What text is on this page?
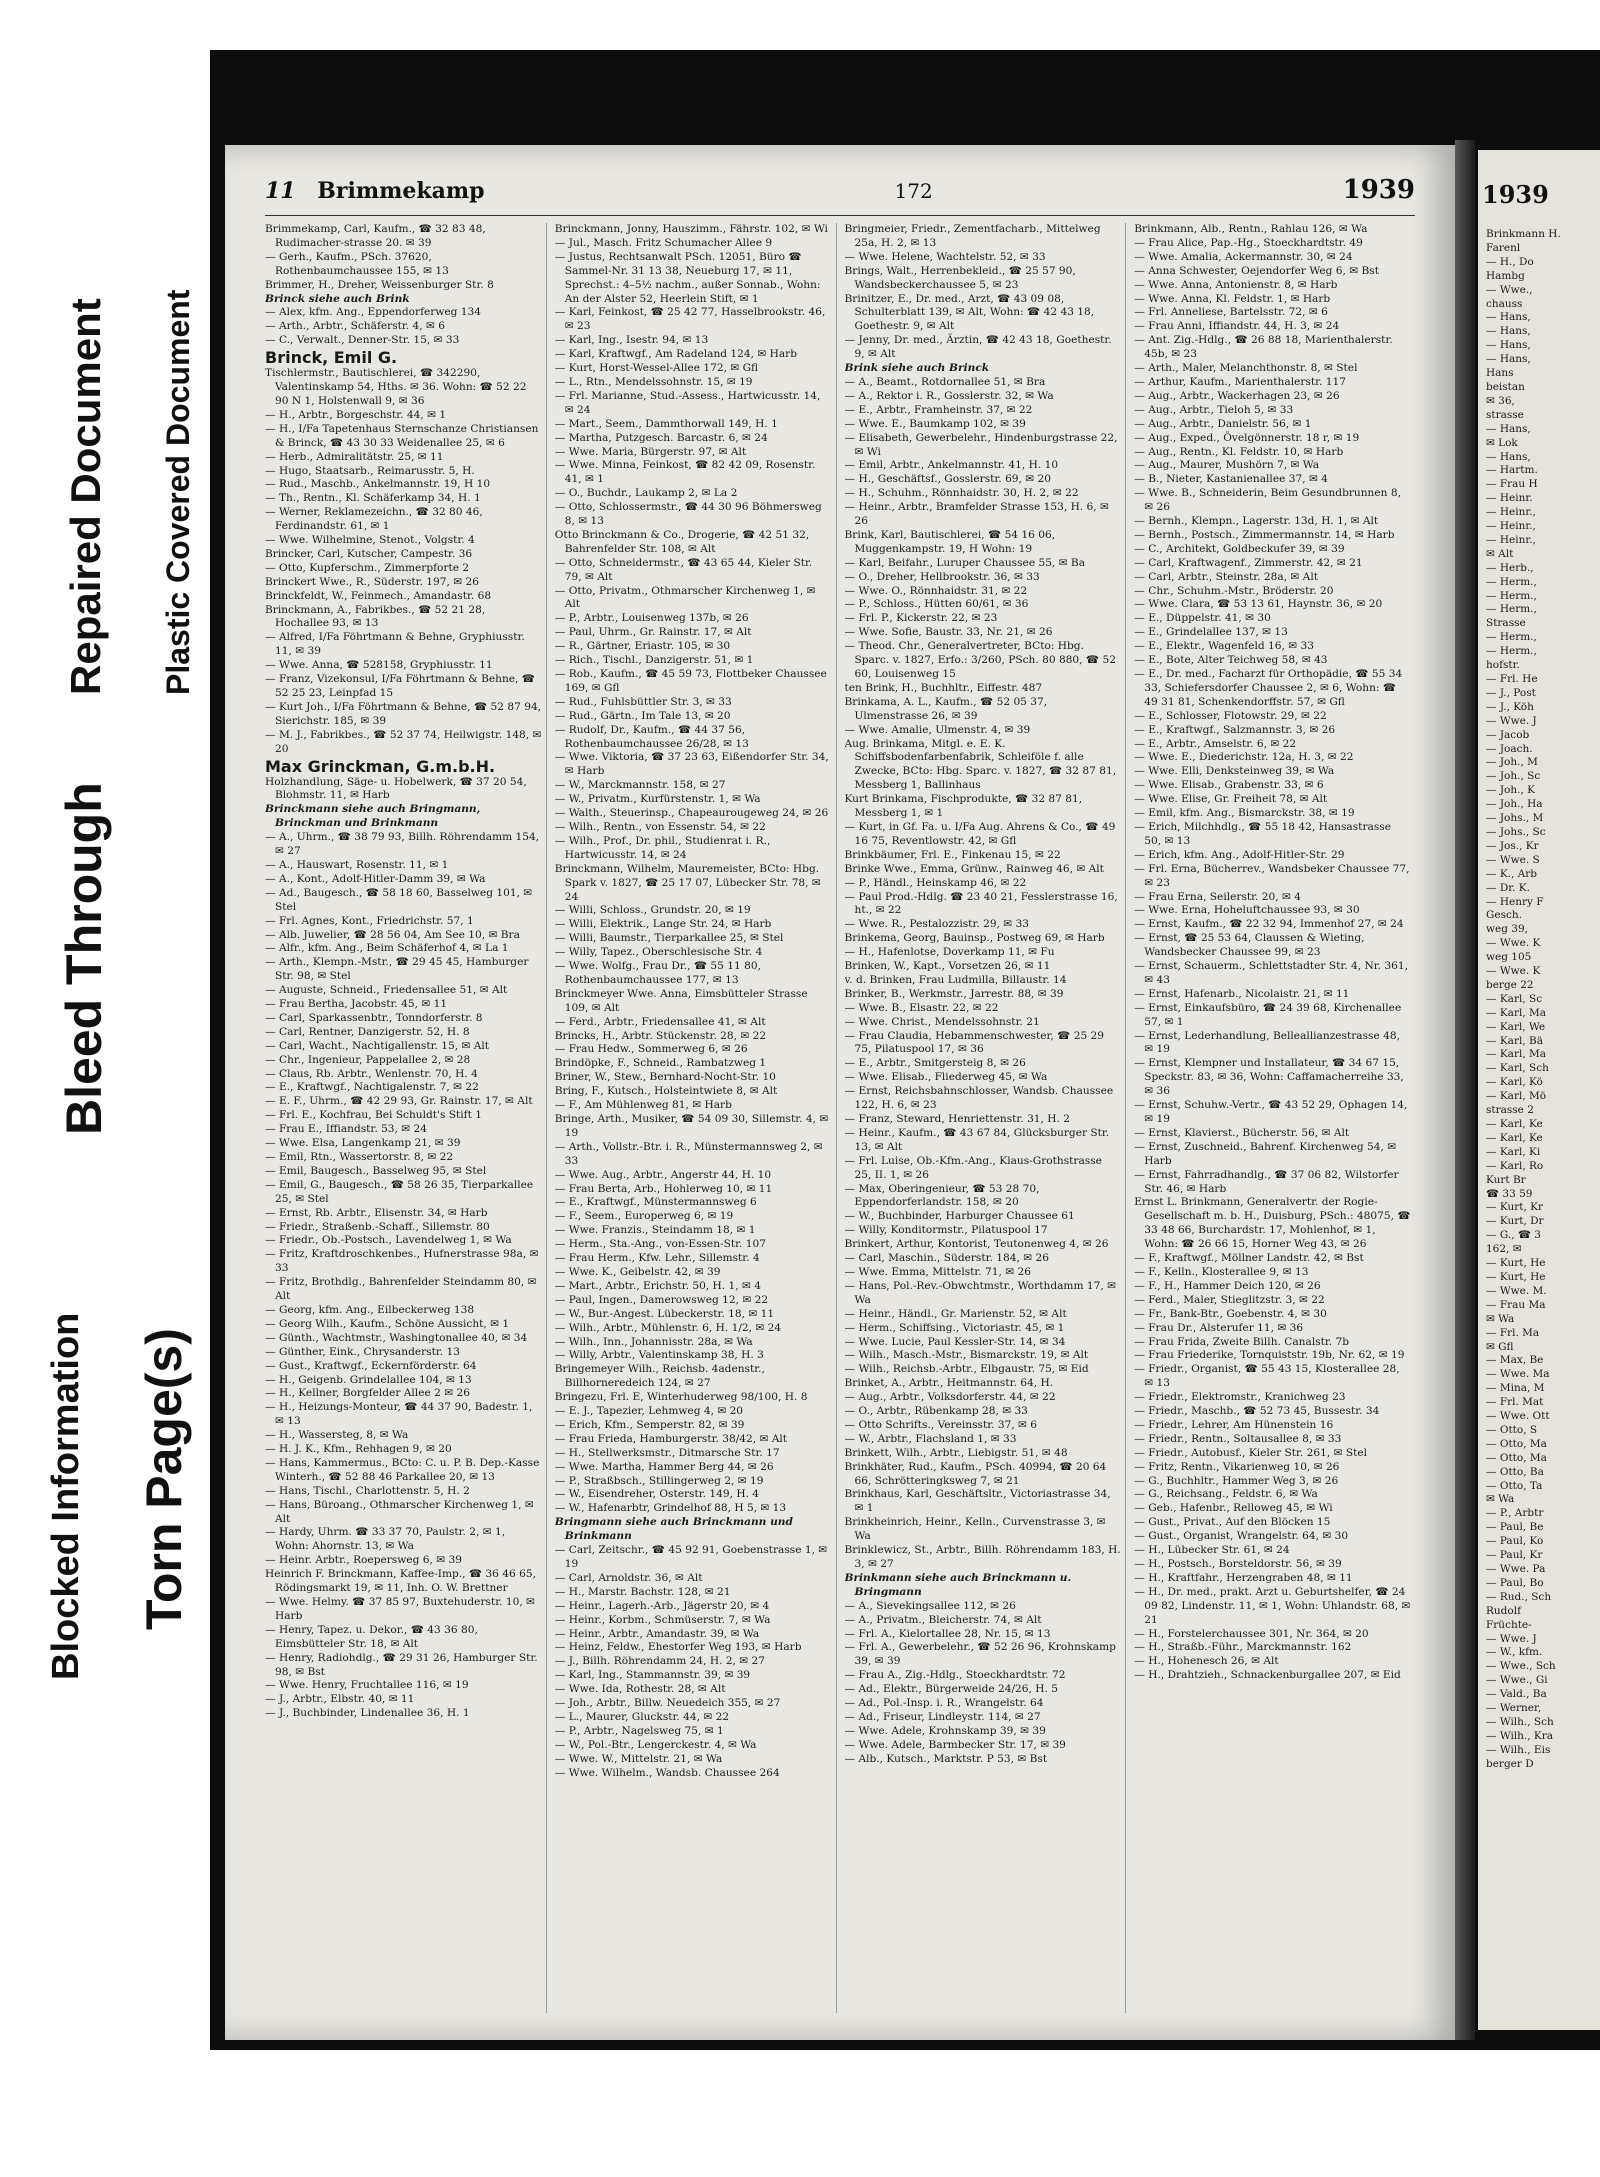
Blocked Information Torn Page(s)
Bleed Through
Repaired Document Plastic Covered Document
11 Brimmekamp	172	1939

Brimmekamp, Carl, Kaufm., ☎ 32 83 48, Rudimacher-strasse 20. ✉ 39

— Gerh., Kaufm., PSch. 37620, Rothenbaumchaussee 155, ✉ 13

Brimmer, H., Dreher, Weissenburger Str. 8

Brinck siehe auch Brink

— Alex, kfm. Ang., Eppendorferweg 134

— Arth., Arbtr., Schäferstr. 4, ✉ 6

— C., Verwalt., Denner-Str. 15, ✉ 33

Brinck, Emil G.

Tischlermstr., Bautischlerei, ☎ 342290, Valentinskamp 54, Hths. ✉ 36. Wohn: ☎ 52 22 90 N 1, Holstenwall 9, ✉ 36

— H., Arbtr., Borgeschstr. 44, ✉ 1

— H., I/Fa Tapetenhaus Sternschanze Christiansen & Brinck, ☎ 43 30 33 Weidenallee 25, ✉ 6

— Herb., Admiralitätstr. 25, ✉ 11

— Hugo, Staatsarb., Reimarusstr. 5, H.

— Rud., Maschb., Ankelmannstr. 19, H 10

— Th., Rentn., Kl. Schäferkamp 34, H. 1

— Werner, Reklamezeichn., ☎ 32 80 46, Ferdinandstr. 61, ✉ 1

— Wwe. Wilhelmine, Stenot., Volgstr. 4

Brincker, Carl, Kutscher, Campestr. 36

— Otto, Kupferschm., Zimmerpforte 2

Brinckert Wwe., R., Süderstr. 197, ✉ 26

Brinckfeldt, W., Feinmech., Amandastr. 68

Brinckmann, A., Fabrikbes., ☎ 52 21 28, Hochallee 93, ✉ 13

— Alfred, I/Fa Föhrtmann & Behne, Gryphiusstr. 11, ✉ 39

— Wwe. Anna, ☎ 528158, Gryphiusstr. 11

— Franz, Vizekonsul, I/Fa Föhrtmann & Behne, ☎ 52 25 23, Leinpfad 15

— Kurt Joh., I/Fa Föhrtmann & Behne, ☎ 52 87 94, Sierichstr. 185, ✉ 39

— M. J., Fabrikbes., ☎ 52 37 74, Heilwigstr. 148, ✉ 20

Max Grinckman, G.m.b.H.

Holzhandlung, Säge- u. Hobelwerk, ☎ 37 20 54, Blohmstr. 11, ✉ Harb

Brinckmann siehe auch Bringmann, Brinckman und Brinkmann

— A., Uhrm., ☎ 38 79 93, Billh. Röhrendamm 154, ✉ 27

— A., Hauswart, Rosenstr. 11, ✉ 1

— A., Kont., Adolf-Hitler-Damm 39, ✉ Wa

— Ad., Baugesch., ☎ 58 18 60, Basselweg 101, ✉ Stel

— Frl. Agnes, Kont., Friedrichstr. 57, 1

— Alb. Juwelier, ☎ 28 56 04, Am See 10, ✉ Bra

— Alfr., kfm. Ang., Beim Schäferhof 4, ✉ La 1

— Arth., Klempn.-Mstr., ☎ 29 45 45, Hamburger Str. 98, ✉ Stel

— Auguste, Schneid., Friedensallee 51, ✉ Alt

— Frau Bertha, Jacobstr. 45, ✉ 11

— Carl, Sparkassenbtr., Tonndorferstr. 8

— Carl, Rentner, Danzigerstr. 52, H. 8

— Carl, Wacht., Nachtigallenstr. 15, ✉ Alt

— Chr., Ingenieur, Pappelallee 2, ✉ 28

— Claus, Rb. Arbtr., Wenlenstr. 70, H. 4

— E., Kraftwgf., Nachtigalenstr. 7, ✉ 22

— E. F., Uhrm., ☎ 42 29 93, Gr. Rainstr. 17, ✉ Alt

— Frl. E., Kochfrau, Bei Schuldt's Stift 1

— Frau E., Iffiandstr. 53, ✉ 24

— Wwe. Elsa, Langenkamp 21, ✉ 39

— Emil, Rtn., Wassertorstr. 8, ✉ 22

— Emil, Baugesch., Basselweg 95, ✉ Stel

— Emil, G., Baugesch., ☎ 58 26 35, Tierparkallee 25, ✉ Stel

— Ernst, Rb. Arbtr., Elisenstr. 34, ✉ Harb

— Friedr., Straßenb.-Schaff., Sillemstr. 80

— Friedr., Ob.-Postsch., Lavendelweg 1, ✉ Wa

— Fritz, Kraftdroschkenbes., Hufnerstrasse 98a, ✉ 33

— Fritz, Brothdlg., Bahrenfelder Steindamm 80, ✉ Alt

— Georg, kfm. Ang., Eilbeckerweg 138

— Georg Wilh., Kaufm., Schöne Aussicht, ✉ 1

— Günth., Wachtmstr., Washingtonallee 40, ✉ 34

— Günther, Eink., Chrysanderstr. 13

— Gust., Kraftwgf., Eckernförderstr. 64

— H., Geigenb. Grindelallee 104, ✉ 13

— H., Kellner, Borgfelder Allee 2 ✉ 26

— H., Heizungs-Monteur, ☎ 44 37 90, Badestr. 1, ✉ 13

— H., Wassersteg, 8, ✉ Wa

— H. J. K., Kfm., Rehhagen 9, ✉ 20

— Hans, Kammermus., BCto: C. u. P. B. Dep.-Kasse Winterh., ☎ 52 88 46 Parkallee 20, ✉ 13

— Hans, Tischl., Charlottenstr. 5, H. 2

— Hans, Büroang., Othmarscher Kirchenweg 1, ✉ Alt

— Hardy, Uhrm. ☎ 33 37 70, Paulstr. 2, ✉ 1, Wohn: Ahornstr. 13, ✉ Wa

— Heinr. Arbtr., Roepersweg 6, ✉ 39

Heinrich F. Brinckmann, Kaffee-Imp., ☎ 36 46 65, Rödingsmarkt 19, ✉ 11, Inh. O. W. Brettner

— Wwe. Helmy. ☎ 37 85 97, Buxtehuderstr. 10, ✉ Harb

— Henry, Tapez. u. Dekor., ☎ 43 36 80, Eimsbütteler Str. 18, ✉ Alt

— Henry, Radiohdlg., ☎ 29 31 26, Hamburger Str. 98, ✉ Bst

— Wwe. Henry, Fruchtallee 116, ✉ 19

— J., Arbtr., Elbstr. 40, ✉ 11

— J., Buchbinder, Lindenallee 36, H. 1

Brinckmann, Jonny, Hauszimm., Fährstr. 102, ✉ Wi

— Jul., Masch. Fritz Schumacher Allee 9

— Justus, Rechtsanwalt PSch. 12051, Büro ☎ Sammel-Nr. 31 13 38, Neueburg 17, ✉ 11, Sprechst.: 4–5½ nachm., außer Sonnab., Wohn: An der Alster 52, Heerlein Stift, ✉ 1

— Karl, Feinkost, ☎ 25 42 77, Hasselbrookstr. 46, ✉ 23

— Karl, Ing., Isestr. 94, ✉ 13

— Karl, Kraftwgf., Am Radeland 124, ✉ Harb

— Kurt, Horst-Wessel-Allee 172, ✉ Gfl

— L., Rtn., Mendelssohnstr. 15, ✉ 19

— Frl. Marianne, Stud.-Assess., Hartwicusstr. 14, ✉ 24

— Mart., Seem., Dammthorwall 149, H. 1

— Martha, Putzgesch. Barcastr. 6, ✉ 24

— Wwe. Maria, Bürgerstr. 97, ✉ Alt

— Wwe. Minna, Feinkost, ☎ 82 42 09, Rosenstr. 41, ✉ 1

— O., Buchdr., Laukamp 2, ✉ La 2

— Otto, Schlossermstr., ☎ 44 30 96 Böhmersweg 8, ✉ 13

Otto Brinckmann & Co., Drogerie, ☎ 42 51 32, Bahrenfelder Str. 108, ✉ Alt

— Otto, Schneidermstr., ☎ 43 65 44, Kieler Str. 79, ✉ Alt

— Otto, Privatm., Othmarscher Kirchenweg 1, ✉ Alt

— P., Arbtr., Louisenweg 137b, ✉ 26

— Paul, Uhrm., Gr. Rainstr. 17, ✉ Alt

— R., Gärtner, Eriastr. 105, ✉ 30

— Rich., Tischl., Danzigerstr. 51, ✉ 1

— Rob., Kaufm., ☎ 45 59 73, Flottbeker Chaussee 169, ✉ Gfl

— Rud., Fuhlsbüttler Str. 3, ✉ 33

— Rud., Gärtn., Im Tale 13, ✉ 20

— Rudolf, Dr., Kaufm., ☎ 44 37 56, Rothenbaumchaussee 26/28, ✉ 13

— Wwe. Viktoria, ☎ 37 23 63, Eißendorfer Str. 34, ✉ Harb

— W., Marckmannstr. 158, ✉ 27

— W., Privatm., Kurfürstenstr. 1, ✉ Wa

— Walth., Steuerinsp., Chapeaurougeweg 24, ✉ 26

— Wilh., Rentn., von Essenstr. 54, ✉ 22

— Wilh., Prof., Dr. phil., Studienrat i. R., Hartwicusstr. 14, ✉ 24

Brinckmann, Wilhelm, Mauremeister, BCto: Hbg. Spark v. 1827, ☎ 25 17 07, Lübecker Str. 78, ✉ 24

— Willi, Schloss., Grundstr. 20, ✉ 19

— Willi, Elektrik., Lange Str. 24, ✉ Harb

— Willi, Baumstr., Tierparkallee 25, ✉ Stel

— Willy, Tapez., Oberschlesische Str. 4

— Wwe. Wolfg., Frau Dr., ☎ 55 11 80, Rothenbaumchaussee 177, ✉ 13

Brinckmeyer Wwe. Anna, Eimsbütteler Strasse 109, ✉ Alt

— Ferd., Arbtr., Friedensallee 41, ✉ Alt

Brincks, H., Arbtr. Stückenstr. 28, ✉ 22

— Frau Hedw., Sommerweg 6, ✉ 26

Brindöpke, F., Schneid., Rambatzweg 1

Briner, W., Stew., Bernhard-Nocht-Str. 10

Bring, F., Kutsch., Holsteintwiete 8, ✉ Alt

— F., Am Mühlenweg 81, ✉ Harb

Bringe, Arth., Musiker, ☎ 54 09 30, Sillemstr. 4, ✉ 19

— Arth., Vollstr.-Btr. i. R., Münstermannsweg 2, ✉ 33

— Wwe. Aug., Arbtr., Angerstr 44, H. 10

— Frau Berta, Arb., Hohlerweg 10, ✉ 11

— E., Kraftwgf., Münstermannsweg 6

— F., Seem., Europerweg 6, ✉ 19

— Wwe. Franzis., Steindamm 18, ✉ 1

— Herm., Sta.-Ang., von-Essen-Str. 107

— Frau Herm., Kfw. Lehr., Sillemstr. 4

— Wwe. K., Geibelstr. 42, ✉ 39

— Mart., Arbtr., Erichstr. 50, H. 1, ✉ 4

— Paul, Ingen., Damerowsweg 12, ✉ 22

— W., Bur.-Angest. Lübeckerstr. 18, ✉ 11

— Wilh., Arbtr., Mühlenstr. 6, H. 1/2, ✉ 24

— Wilh., Inn., Johannisstr. 28a, ✉ Wa

— Willy, Arbtr., Valentinskamp 38, H. 3

Bringemeyer Wilh., Reichsb. 4adenstr., Billhorneredeich 124, ✉ 27

Bringezu, Frl. E, Winterhuderweg 98/100, H. 8

— E. J., Tapezier, Lehmweg 4, ✉ 20

— Erich, Kfm., Semperstr. 82, ✉ 39

— Frau Frieda, Hamburgerstr. 38/42, ✉ Alt

— H., Stellwerksmstr., Ditmarsche Str. 17

— Wwe. Martha, Hammer Berg 44, ✉ 26

— P., Straßbsch., Stillingerweg 2, ✉ 19

— W., Eisendreher, Osterstr. 149, H. 4

— W., Hafenarbtr, Grindelhof 88, H 5, ✉ 13

Bringmann siehe auch Brinckmann und Brinkmann

— Carl, Zeitschr., ☎ 45 92 91, Goebenstrasse 1, ✉ 19

— Carl, Arnoldstr. 36, ✉ Alt

— H., Marstr. Bachstr. 128, ✉ 21

— Heinr., Lagerh.-Arb., Jägerstr 20, ✉ 4

— Heinr., Korbm., Schmüserstr. 7, ✉ Wa

— Heinr., Arbtr., Amandastr. 39, ✉ Wa

— Heinz, Feldw., Ehestorfer Weg 193, ✉ Harb

— J., Billh. Röhrendamm 24, H. 2, ✉ 27

— Karl, Ing., Stammannstr. 39, ✉ 39

— Wwe. Ida, Rothestr. 28, ✉ Alt

— Joh., Arbtr., Billw. Neuedeich 355, ✉ 27

— L., Maurer, Gluckstr. 44, ✉ 22

— P., Arbtr., Nagelsweg 75, ✉ 1

— W., Pol.-Btr., Lengerckestr. 4, ✉ Wa

— Wwe. W., Mittelstr. 21, ✉ Wa

— Wwe. Wilhelm., Wandsb. Chaussee 264

Bringmeier, Friedr., Zementfacharb., Mittelweg 25a, H. 2, ✉ 13

— Wwe. Helene, Wachtelstr. 52, ✉ 33

Brings, Walt., Herrenbekleid., ☎ 25 57 90, Wandsbeckerchaussee 5, ✉ 23

Brinitzer, E., Dr. med., Arzt, ☎ 43 09 08, Schulterblatt 139, ✉ Alt, Wohn: ☎ 42 43 18, Goethestr. 9, ✉ Alt

— Jenny, Dr. med., Ärztin, ☎ 42 43 18, Goethestr. 9, ✉ Alt

Brink siehe auch Brinck

— A., Beamt., Rotdornallee 51, ✉ Bra

— A., Rektor i. R., Gosslerstr. 32, ✉ Wa

— E., Arbtr., Framheinstr. 37, ✉ 22

— Wwe. E., Baumkamp 102, ✉ 39

— Elisabeth, Gewerbelehr., Hindenburgstrasse 22, ✉ Wi

— Emil, Arbtr., Ankelmannstr. 41, H. 10

— H., Geschäftsf., Gosslerstr. 69, ✉ 20

— H., Schuhm., Rönnhaidstr. 30, H. 2, ✉ 22

— Heinr., Arbtr., Bramfelder Strasse 153, H. 6, ✉ 26

Brink, Karl, Bautischlerei, ☎ 54 16 06, Muggenkampstr. 19, H Wohn: 19

— Karl, Beifahr., Luruper Chaussee 55, ✉ Ba

— O., Dreher, Hellbrookstr. 36, ✉ 33

— Wwe. O., Rönnhaidstr. 31, ✉ 22

— P., Schloss., Hütten 60/61, ✉ 36

— Frl. P., Kickerstr. 22, ✉ 23

— Wwe. Sofie, Baustr. 33, Nr. 21, ✉ 26

— Theod. Chr., Generalvertreter, BCto: Hbg. Sparc. v. 1827, Erfo.: 3/260, PSch. 80 880, ☎ 52 60, Louisenweg 15

ten Brink, H., Buchhltr., Eiffestr. 487

Brinkama, A. L., Kaufm., ☎ 52 05 37, Ulmenstrasse 26, ✉ 39

— Wwe. Amalie, Ulmenstr. 4, ✉ 39

Aug. Brinkama, Mitgl. e. E. K. Schiffsbodenfarbenfabrik, Schleiföle f. alle Zwecke, BCto: Hbg. Sparc. v. 1827, ☎ 32 87 81, Messberg 1, Ballinhaus

Kurt Brinkama, Fischprodukte, ☎ 32 87 81, Messberg 1, ✉ 1

— Kurt, in Gf. Fa. u. I/Fa Aug. Ahrens & Co., ☎ 49 16 75, Reventlowstr. 42, ✉ Gfl

Brinkbäumer, Frl. E., Finkenau 15, ✉ 22

Brinke Wwe., Emma, Grünw., Rainweg 46, ✉ Alt

— P., Händl., Heinskamp 46, ✉ 22

— Paul Prod.-Hdlg. ☎ 23 40 21, Fesslerstrasse 16, ht., ✉ 22

— Wwe. R., Pestalozzistr. 29, ✉ 33

Brinkema, Georg, Bauinsp., Postweg 69, ✉ Harb

— H., Hafenlotse, Doverkamp 11, ✉ Fu

Brinken, W., Kapt., Vorsetzen 26, ✉ 11

v. d. Brinken, Frau Ludmilla, Billaustr. 14

Brinker, B., Werkmstr., Jarrestr. 88, ✉ 39

— Wwe. B., Elsastr. 22, ✉ 22

— Wwe. Christ., Mendelssohnstr. 21

— Frau Claudia, Hebammenschwester, ☎ 25 29 75, Pilatuspool 17, ✉ 36

— E., Arbtr., Smitgersteig 8, ✉ 26

— Wwe. Elisab., Fliederweg 45, ✉ Wa

— Ernst, Reichsbahnschlosser, Wandsb. Chaussee 122, H. 6, ✉ 23

— Franz, Steward, Henriettenstr. 31, H. 2

— Heinr., Kaufm., ☎ 43 67 84, Glücksburger Str. 13, ✉ Alt

— Frl. Luise, Ob.-Kfm.-Ang., Klaus-Grothstrasse 25, II. 1, ✉ 26

— Max, Oberingenieur, ☎ 53 28 70, Eppendorferlandstr. 158, ✉ 20

— W., Buchbinder, Harburger Chaussee 61

— Willy, Konditormstr., Pilatuspool 17

Brinkert, Arthur, Kontorist, Teutonenweg 4, ✉ 26

— Carl, Maschin., Süderstr. 184, ✉ 26

— Wwe. Emma, Mittelstr. 71, ✉ 26

— Hans, Pol.-Rev.-Obwchtmstr., Worthdamm 17, ✉ Wa

— Heinr., Händl., Gr. Marienstr. 52, ✉ Alt

— Herm., Schiffsing., Victoriastr. 45, ✉ 1

— Wwe. Lucie, Paul Kessler-Str. 14, ✉ 34

— Wilh., Masch.-Mstr., Bismarckstr. 19, ✉ Alt

— Wilh., Reichsb.-Arbtr., Elbgaustr. 75, ✉ Eid

Brinket, A., Arbtr., Heitmannstr. 64, H.

— Aug., Arbtr., Volksdorferstr. 44, ✉ 22

— O., Arbtr., Rübenkamp 28, ✉ 33

— Otto Schrifts., Vereinsstr. 37, ✉ 6

— W., Arbtr., Flachsland 1, ✉ 33

Brinkett, Wilh., Arbtr., Liebigstr. 51, ✉ 48

Brinkhäter, Rud., Kaufm., PSch. 40994, ☎ 20 64 66, Schrötteringksweg 7, ✉ 21

Brinkhaus, Karl, Geschäftsltr., Victoriastrasse 34, ✉ 1

Brinkheinrich, Heinr., Kelln., Curvenstrasse 3, ✉ Wa

Brinklewicz, St., Arbtr., Billh. Röhrendamm 183, H. 3, ✉ 27

Brinkmann siehe auch Brinckmann u. Bringmann

— A., Sievekingsallee 112, ✉ 26

— A., Privatm., Bleicherstr. 74, ✉ Alt

— Frl. A., Kielortallee 28, Nr. 15, ✉ 13

— Frl. A., Gewerbelehr., ☎ 52 26 96, Krohnskamp 39, ✉ 39

— Frau A., Zig.-Hdlg., Stoeckhardtstr. 72

— Ad., Elektr., Bürgerweide 24/26, H. 5

— Ad., Pol.-Insp. i. R., Wrangelstr. 64

— Ad., Friseur, Lindleystr. 114, ✉ 27

— Wwe. Adele, Krohnskamp 39, ✉ 39

— Wwe. Adele, Barmbecker Str. 17, ✉ 39

— Alb., Kutsch., Marktstr. P 53, ✉ Bst

Brinkmann, Alb., Rentn., Rahlau 126, ✉ Wa

— Frau Alice, Pap.-Hg., Stoeckhardtstr. 49

— Wwe. Amalia, Ackermannstr. 30, ✉ 24

— Anna Schwester, Oejendorfer Weg 6, ✉ Bst

— Wwe. Anna, Antonienstr. 8, ✉ Harb

— Wwe. Anna, Kl. Feldstr. 1, ✉ Harb

— Frl. Anneliese, Bartelsstr. 72, ✉ 6

— Frau Anni, Iffiandstr. 44, H. 3, ✉ 24

— Ant. Zig.-Hdlg., ☎ 26 88 18, Marienthalerstr. 45b, ✉ 23

— Arth., Maler, Melanchthonstr. 8, ✉ Stel

— Arthur, Kaufm., Marienthalerstr. 117

— Aug., Arbtr., Wackerhagen 23, ✉ 26

— Aug., Arbtr., Tieloh 5, ✉ 33

— Aug., Arbtr., Danielstr. 56, ✉ 1

— Aug., Exped., Övelgönnerstr. 18 r, ✉ 19

— Aug., Rentn., Kl. Feldstr. 10, ✉ Harb

— Aug., Maurer, Mushörn 7, ✉ Wa

— B., Nieter, Kastanienallee 37, ✉ 4

— Wwe. B., Schneiderin, Beim Gesundbrunnen 8, ✉ 26

— Bernh., Klempn., Lagerstr. 13d, H. 1, ✉ Alt

— Bernh., Postsch., Zimmermannstr. 14, ✉ Harb

— C., Architekt, Goldbeckufer 39, ✉ 39

— Carl, Kraftwagenf., Zimmerstr. 42, ✉ 21

— Carl, Arbtr., Steinstr. 28a, ✉ Alt

— Chr., Schuhm.-Mstr., Bröderstr. 20

— Wwe. Clara, ☎ 53 13 61, Haynstr. 36, ✉ 20

— E., Düppelstr. 41, ✉ 30

— E., Grindelallee 137, ✉ 13

— E., Elektr., Wagenfeld 16, ✉ 33

— E., Bote, Alter Teichweg 58, ✉ 43

— E., Dr. med., Facharzt für Orthopädie, ☎ 55 34 33, Schiefersdorfer Chaussee 2, ✉ 6, Wohn: ☎ 49 31 81, Schenkendorffstr. 57, ✉ Gfl

— E., Schlosser, Flotowstr. 29, ✉ 22

— E., Kraftwgf., Salzmannstr. 3, ✉ 26

— E., Arbtr., Amselstr. 6, ✉ 22

— Wwe. E., Diederichstr. 12a, H. 3, ✉ 22

— Wwe. Elli, Denksteinweg 39, ✉ Wa

— Wwe. Elisab., Grabenstr. 33, ✉ 6

— Wwe. Elise, Gr. Freiheit 78, ✉ Alt

— Emil, kfm. Ang., Bismarckstr. 38, ✉ 19

— Erich, Milchhdlg., ☎ 55 18 42, Hansastrasse 50, ✉ 13

— Erich, kfm. Ang., Adolf-Hitler-Str. 29

— Frl. Erna, Bücherrev., Wandsbeker Chaussee 77, ✉ 23

— Frau Erna, Seilerstr. 20, ✉ 4

— Wwe. Erna, Hoheluftchaussee 93, ✉ 30

— Ernst, Kaufm., ☎ 22 32 94, Immenhof 27, ✉ 24

— Ernst, ☎ 25 53 64, Claussen & Wieting, Wandsbecker Chaussee 99, ✉ 23

— Ernst, Schauerm., Schlettstadter Str. 4, Nr. 361, ✉ 43

— Ernst, Hafenarb., Nicolaistr. 21, ✉ 11

— Ernst, Einkaufsbüro, ☎ 24 39 68, Kirchenallee 57, ✉ 1

— Ernst, Lederhandlung, Belleallianzestrasse 48, ✉ 19

— Ernst, Klempner und Installateur, ☎ 34 67 15, Speckstr. 83, ✉ 36, Wohn: Caffamacherreihe 33, ✉ 36

— Ernst, Schuhw.-Vertr., ☎ 43 52 29, Ophagen 14, ✉ 19

— Ernst, Klavierst., Bücherstr. 56, ✉ Alt

— Ernst, Zuschneid., Bahrenf. Kirchenweg 54, ✉ Harb

— Ernst, Fahrradhandlg., ☎ 37 06 82, Wilstorfer Str. 46, ✉ Harb

Ernst L. Brinkmann, Generalvertr. der Rogie-Gesellschaft m. b. H., Duisburg, PSch.: 48075, ☎ 33 48 66, Burchardstr. 17, Mohlenhof, ✉ 1, Wohn: ☎ 26 66 15, Horner Weg 43, ✉ 26

— F., Kraftwgf., Möllner Landstr. 42, ✉ Bst

— F., Kelln., Klosterallee 9, ✉ 13

— F., H., Hammer Deich 120, ✉ 26

— Ferd., Maler, Stieglitzstr. 3, ✉ 22

— Fr., Bank-Btr., Goebenstr. 4, ✉ 30

— Frau Dr., Alsterufer 11, ✉ 36

— Frau Frida, Zweite Billh. Canalstr. 7b

— Frau Friederike, Tornquiststr. 19b, Nr. 62, ✉ 19

— Friedr., Organist, ☎ 55 43 15, Klosterallee 28, ✉ 13

— Friedr., Elektromstr., Kranichweg 23

— Friedr., Maschb., ☎ 52 73 45, Bussestr. 34

— Friedr., Lehrer, Am Hünenstein 16

— Friedr., Rentn., Soltausallee 8, ✉ 33

— Friedr., Autobusf., Kieler Str. 261, ✉ Stel

— Fritz, Rentn., Vikarienweg 10, ✉ 26

— G., Buchhltr., Hammer Weg 3, ✉ 26

— G., Reichsang., Feldstr. 6, ✉ Wa

— Geb., Hafenbr., Relloweg 45, ✉ Wi

— Gust., Privat., Auf den Blöcken 15

— Gust., Organist, Wrangelstr. 64, ✉ 30

— H., Lübecker Str. 61, ✉ 24

— H., Postsch., Borsteldorstr. 56, ✉ 39

— H., Kraftfahr., Herzengraben 48, ✉ 11

— H., Dr. med., prakt. Arzt u. Geburtshelfer, ☎ 24 09 82, Lindenstr. 11, ✉ 1, Wohn: Uhlandstr. 68, ✉ 21

— H., Forstelerchaussee 301, Nr. 364, ✉ 20

— H., Straßb.-Führ., Marckmannstr. 162

— H., Hohenesch 26, ✉ Alt

— H., Drahtzieh., Schnackenburgallee 207, ✉ Eid

1939
Brinkmann H.
Farenl
— H., Do
Hambg
— Wwe.,
chauss
— Hans,
— Hans,
— Hans,
— Hans,
Hans
beistan
✉ 36,
strasse
— Hans,
✉ Lok
— Hans,
— Hartm.
— Frau H
— Heinr.
— Heinr.,
— Heinr.,
— Heinr.,
✉ Alt
— Herb.,
— Herm.,
— Herm.,
— Herm.,
Strasse
— Herm.,
— Herm.,
hofstr.
— Frl. He
— J., Post
— J., Köh
— Wwe. J
— Jacob
— Joach.
— Joh., M
— Joh., Sc
— Joh., K
— Joh., Ha
— Johs., M
— Johs., Sc
— Jos., Kr
— Wwe. S
— K., Arb
— Dr. K.
— Henry F
Gesch.
weg 39,
— Wwe. K
weg 105
— Wwe. K
berge 22
— Karl, Sc
— Karl, Ma
— Karl, We
— Karl, Bä
— Karl, Ma
— Karl, Sch
— Karl, Kö
— Karl, Mö
strasse 2
— Karl, Ke
— Karl, Ke
— Karl, Ki
— Karl, Ro
Kurt Br
☎ 33 59
— Kurt, Kr
— Kurt, Dr
— G., ☎ 3
162, ✉
— Kurt, He
— Kurt, He
— Wwe. M.
— Frau Ma
✉ Wa
— Frl. Ma
✉ Gfl
— Max, Be
— Wwe. Ma
— Mina, M
— Frl. Mat
— Wwe. Ott
— Otto, S
— Otto, Ma
— Otto, Ma
— Otto, Ba
— Otto, Ta
✉ Wa
— P., Arbtr
— Paul, Be
— Paul, Ko
— Paul, Kr
— Wwe. Pa
— Paul, Bo
— Rud., Sch
Rudolf
Früchte-
— Wwe. J
— W., kfm.
— Wwe., Sch
— Wwe., Gi
— Vald., Ba
— Werner,
— Wilh., Sch
— Wilh., Kra
— Wilh., Eis
berger D
